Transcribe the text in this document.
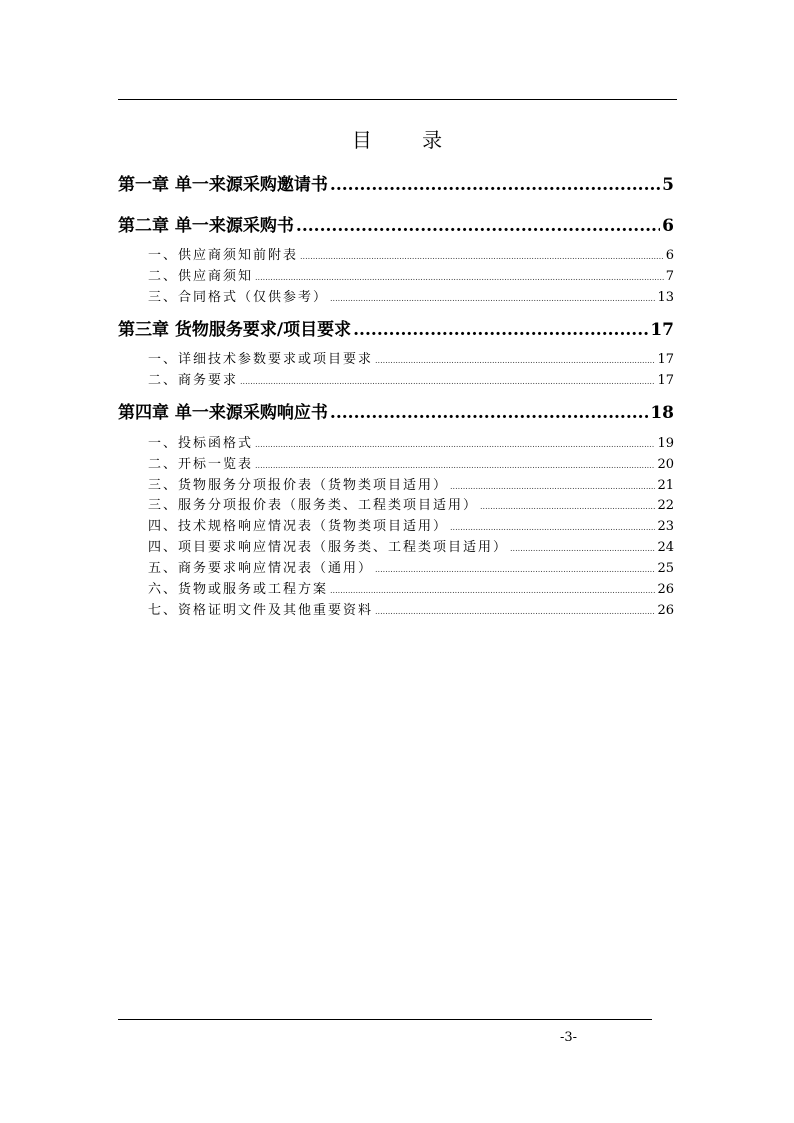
目 录
第一章 单一来源采购邀请书 .....	5
第二章 单一来源采购书 .....	6
一、供应商须知前附表 .....	6
二、供应商须知 .....	7
三、合同格式（仅供参考） .....	13
第三章 货物服务要求/项目要求 .....	17
一、详细技术参数要求或项目要求 .....	17
二、商务要求 .....	17
第四章 单一来源采购响应书 .....	18
一、投标函格式 .....	19
二、开标一览表 .....	20
三、货物服务分项报价表（货物类项目适用） .....	21
三、服务分项报价表（服务类、工程类项目适用） .....	22
四、技术规格响应情况表（货物类项目适用） .....	23
四、项目要求响应情况表（服务类、工程类项目适用） .....	24
五、商务要求响应情况表（通用） .....	25
六、货物或服务或工程方案 .....	26
七、资格证明文件及其他重要资料 .....	26
-3-
